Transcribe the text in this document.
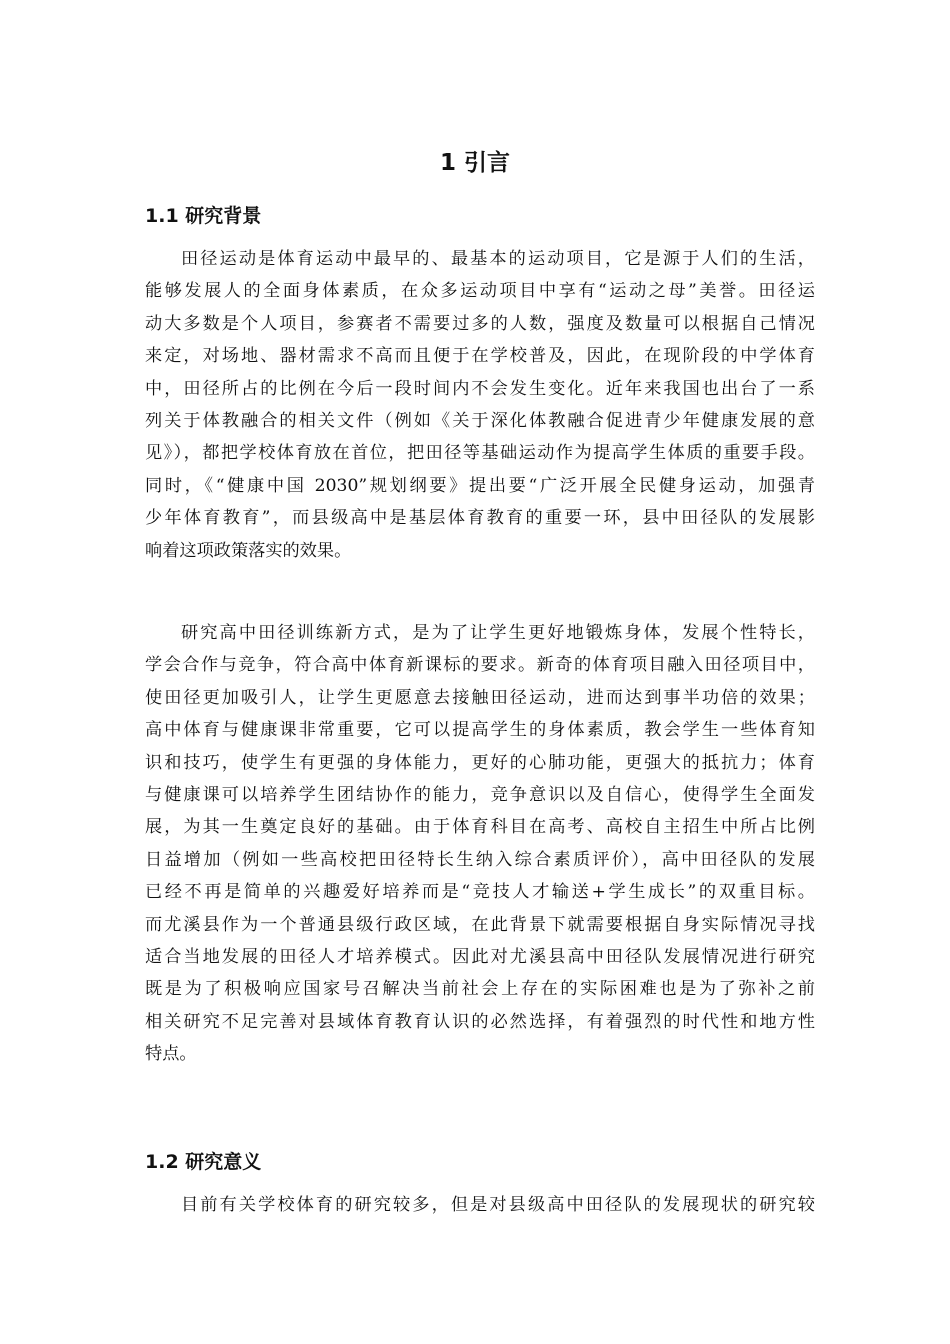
1 引言
1.1 研究背景
田径运动是体育运动中最早的、最基本的运动项目，它是源于人们的生活，
能够发展人的全面身体素质，在众多运动项目中享有“运动之母”美誉。田径运
动大多数是个人项目，参赛者不需要过多的人数，强度及数量可以根据自己情况
来定，对场地、器材需求不高而且便于在学校普及，因此，在现阶段的中学体育
中，田径所占的比例在今后一段时间内不会发生变化。近年来我国也出台了一系
列关于体教融合的相关文件（例如《关于深化体教融合促进青少年健康发展的意
见》），都把学校体育放在首位，把田径等基础运动作为提高学生体质的重要手段。
同时，《“健康中国 2030”规划纲要》提出要“广泛开展全民健身运动，加强青
少年体育教育”，而县级高中是基层体育教育的重要一环，县中田径队的发展影
响着这项政策落实的效果。
研究高中田径训练新方式，是为了让学生更好地锻炼身体，发展个性特长，
学会合作与竞争，符合高中体育新课标的要求。新奇的体育项目融入田径项目中，
使田径更加吸引人，让学生更愿意去接触田径运动，进而达到事半功倍的效果；
高中体育与健康课非常重要，它可以提高学生的身体素质，教会学生一些体育知
识和技巧，使学生有更强的身体能力，更好的心肺功能，更强大的抵抗力；体育
与健康课可以培养学生团结协作的能力，竞争意识以及自信心，使得学生全面发
展，为其一生奠定良好的基础。由于体育科目在高考、高校自主招生中所占比例
日益增加（例如一些高校把田径特长生纳入综合素质评价），高中田径队的发展
已经不再是简单的兴趣爱好培养而是“竞技人才输送+学生成长”的双重目标。
而尤溪县作为一个普通县级行政区域，在此背景下就需要根据自身实际情况寻找
适合当地发展的田径人才培养模式。因此对尤溪县高中田径队发展情况进行研究
既是为了积极响应国家号召解决当前社会上存在的实际困难也是为了弥补之前
相关研究不足完善对县域体育教育认识的必然选择，有着强烈的时代性和地方性
特点。
1.2 研究意义
目前有关学校体育的研究较多，但是对县级高中田径队的发展现状的研究较
